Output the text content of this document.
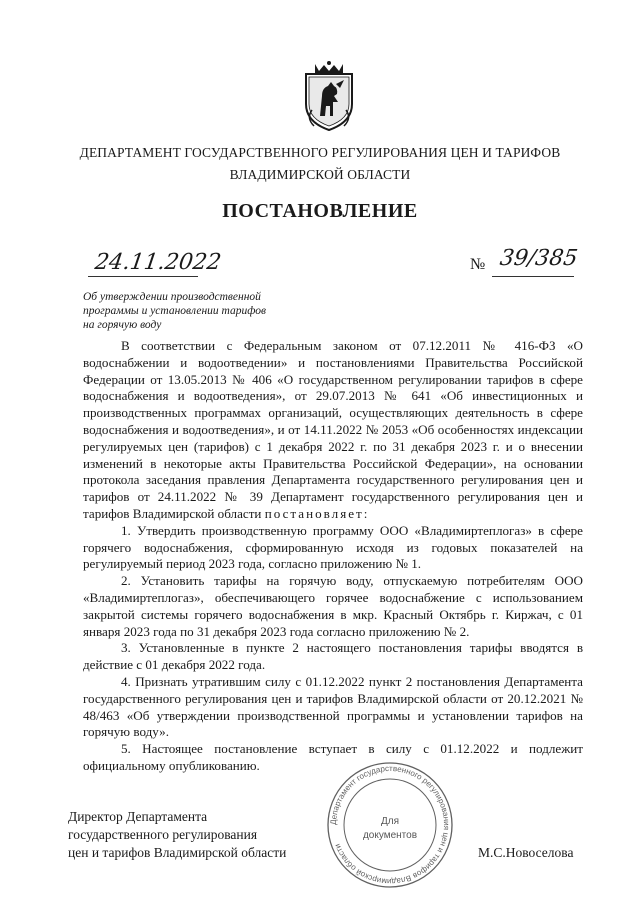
ДЕПАРТАМЕНТ ГОСУДАРСТВЕННОГО РЕГУЛИРОВАНИЯ ЦЕН И ТАРИФОВ
ВЛАДИМИРСКОЙ ОБЛАСТИ
ПОСТАНОВЛЕНИЕ
24.11.2022	№ 39/385
Об утверждении производственной
программы и установлении тарифов
на горячую воду

В соответствии с Федеральным законом от 07.12.2011 № 416-ФЗ «О водоснабжении и водоотведении» и постановлениями Правительства Российской Федерации от 13.05.2013 № 406 «О государственном регулировании тарифов в сфере водоснабжения и водоотведения», от 29.07.2013 № 641 «Об инвестиционных и производственных программах организаций, осуществляющих деятельность в сфере водоснабжения и водоотведения», и от 14.11.2022 № 2053 «Об особенностях индексации регулируемых цен (тарифов) с 1 декабря 2022 г. по 31 декабря 2023 г. и о внесении изменений в некоторые акты Правительства Российской Федерации», на основании протокола заседания правления Департамента государственного регулирования цен и тарифов от 24.11.2022 № 39 Департамент государственного регулирования цен и тарифов Владимирской области постановляет:

1. Утвердить производственную программу ООО «Владимиртеплогаз» в сфере горячего водоснабжения, сформированную исходя из годовых показателей на регулируемый период 2023 года, согласно приложению № 1.

2. Установить тарифы на горячую воду, отпускаемую потребителям ООО «Владимиртеплогаз», обеспечивающего горячее водоснабжение с использованием закрытой системы горячего водоснабжения в мкр. Красный Октябрь г. Киржач, с 01 января 2023 года по 31 декабря 2023 года согласно приложению № 2.

3. Установленные в пункте 2 настоящего постановления тарифы вводятся в действие с 01 декабря 2022 года.

4. Признать утратившим силу с 01.12.2022 пункт 2 постановления Департамента государственного регулирования цен и тарифов Владимирской области от 20.12.2021 № 48/463 «Об утверждении производственной программы и установлении тарифов на горячую воду».

5. Настоящее постановление вступает в силу с 01.12.2022 и подлежит официальному опубликованию.

Директор Департамента
государственного регулирования
цен и тарифов Владимирской области	М.С.Новоселова
Департамент государственного регулирования цен и тарифов Владимирской области
Для
документов
